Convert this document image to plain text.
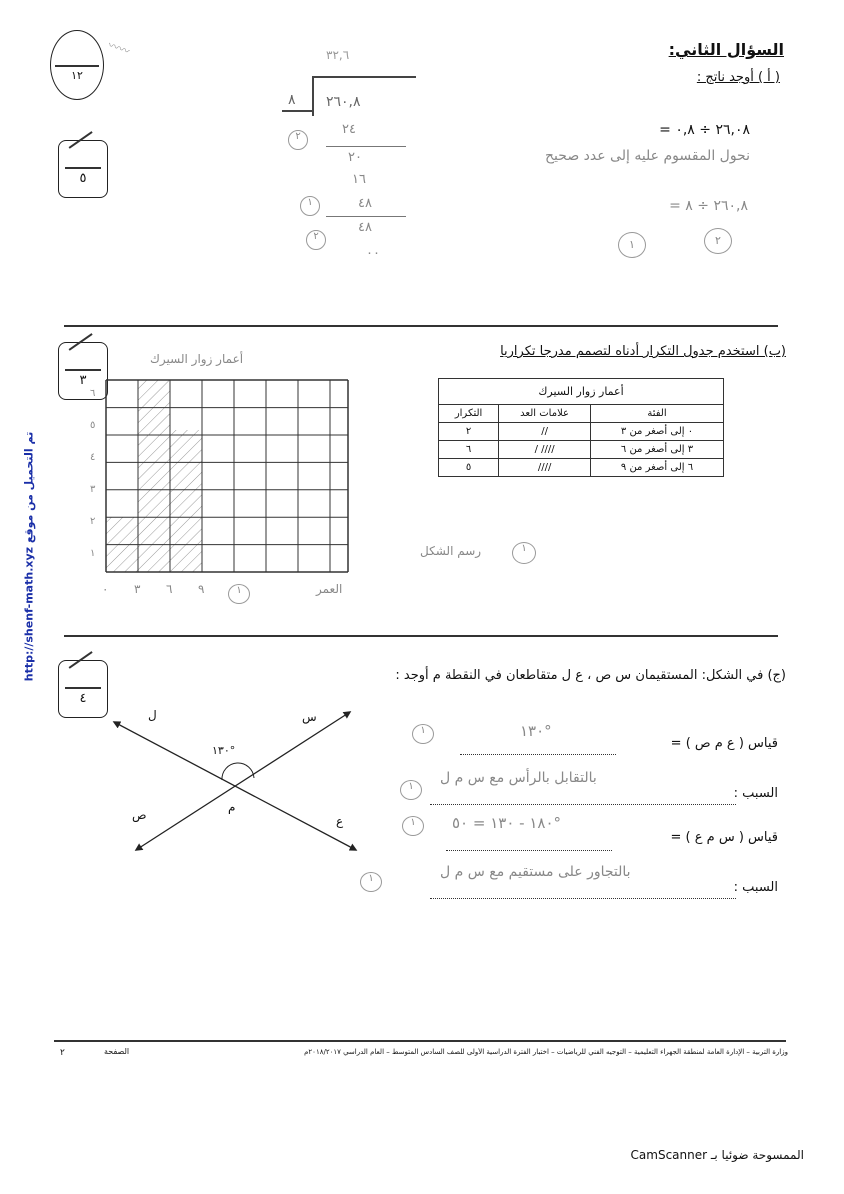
١٢
〰〰	السؤال الثاني:
( أ ) أوجد ناتج :
٥
٨ ٢٦٠,٨
٣٢,٦
٢٤
٢٠
١٦
٤٨
٤٨
٠٠
٢
١
٢
٢٦,٠٨ ÷ ٠,٨ =
نحول المقسوم عليه إلى عدد صحيح
٢٦٠,٨ ÷ ٨ =
١	٢
http://shenf-math.xyz تم التحميل من موقع
٣
(ب) استخدم جدول التكرار أدناه لتصمم مدرجا تكراريا
أعمار زوار السيرك
٦
٥
٤
٣
٢
١
٠ ٣ ٦ ٩	العمر
١
رسم الشكل	١
أعمار زوار السيرك		
الفئة	علامات العد	التكرار
٠ إلى أصغر من ٣	//	٢
٣ إلى أصغر من ٦	//// /	٦
٦ إلى أصغر من ٩	////	٥
٤
(ج) في الشكل: المستقيمان س ص ، ع ل متقاطعان في النقطة م أوجد :
١٣٠°
س
ل
ص	ع
م
قياس ( ع م ص ) =
١٣٠°
١
السبب :
بالتقابل بالرأس مع س م ل
١
قياس ( س م ع ) =
١٨٠ - ١٣٠ = ٥٠°
١
السبب :
بالتجاور على مستقيم مع س م ل
١
وزارة التربية – الإدارة العامة لمنطقة الجهراء التعليمية – التوجيه الفني للرياضيات – اختبار الفترة الدراسية الأولى للصف السادس المتوسط – العام الدراسي ٢٠١٨/٢٠١٧م
الصفحة
٢
الممسوحة ضوئيا بـ CamScanner
